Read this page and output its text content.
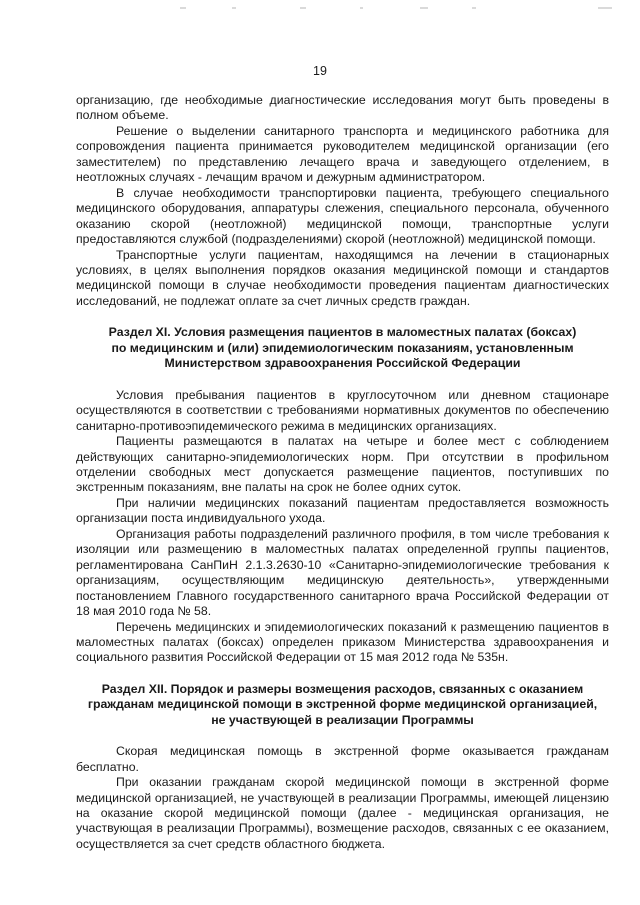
19

организацию, где необходимые диагностические исследования могут быть проведены в полном объеме.

Решение о выделении санитарного транспорта и медицинского работника для сопровождения пациента принимается руководителем медицинской организации (его заместителем) по представлению лечащего врача и заведующего отделением, в неотложных случаях - лечащим врачом и дежурным администратором.

В случае необходимости транспортировки пациента, требующего специального медицинского оборудования, аппаратуры слежения, специального персонала, обученного оказанию скорой (неотложной) медицинской помощи, транспортные услуги предоставляются службой (подразделениями) скорой (неотложной) медицинской помощи.

Транспортные услуги пациентам, находящимся на лечении в стационарных условиях, в целях выполнения порядков оказания медицинской помощи и стандартов медицинской помощи в случае необходимости проведения пациентам диагностических исследований, не подлежат оплате за счет личных средств граждан.

Раздел XI. Условия размещения пациентов в маломестных палатах (боксах)
по медицинским и (или) эпидемиологическим показаниям, установленным
Министерством здравоохранения Российской Федерации

Условия пребывания пациентов в круглосуточном или дневном стационаре осуществляются в соответствии с требованиями нормативных документов по обеспечению санитарно-противоэпидемического режима в медицинских организациях.

Пациенты размещаются в палатах на четыре и более мест с соблюдением действующих санитарно-эпидемиологических норм. При отсутствии в профильном отделении свободных мест допускается размещение пациентов, поступивших по экстренным показаниям, вне палаты на срок не более одних суток.

При наличии медицинских показаний пациентам предоставляется возможность организации поста индивидуального ухода.

Организация работы подразделений различного профиля, в том числе требования к изоляции или размещению в маломестных палатах определенной группы пациентов, регламентирована СанПиН 2.1.3.2630-10 «Санитарно-эпидемиологические требования к организациям, осуществляющим медицинскую деятельность», утвержденными постановлением Главного государственного санитарного врача Российской Федерации от 18 мая 2010 года № 58.

Перечень медицинских и эпидемиологических показаний к размещению пациентов в маломестных палатах (боксах) определен приказом Министерства здравоохранения и социального развития Российской Федерации от 15 мая 2012 года № 535н.

Раздел XII. Порядок и размеры возмещения расходов, связанных с оказанием
гражданам медицинской помощи в экстренной форме медицинской организацией,
не участвующей в реализации Программы

Скорая медицинская помощь в экстренной форме оказывается гражданам бесплатно.

При оказании гражданам скорой медицинской помощи в экстренной форме медицинской организацией, не участвующей в реализации Программы, имеющей лицензию на оказание скорой медицинской помощи (далее - медицинская организация, не участвующая в реализации Программы), возмещение расходов, связанных с ее оказанием, осуществляется за счет средств областного бюджета.
